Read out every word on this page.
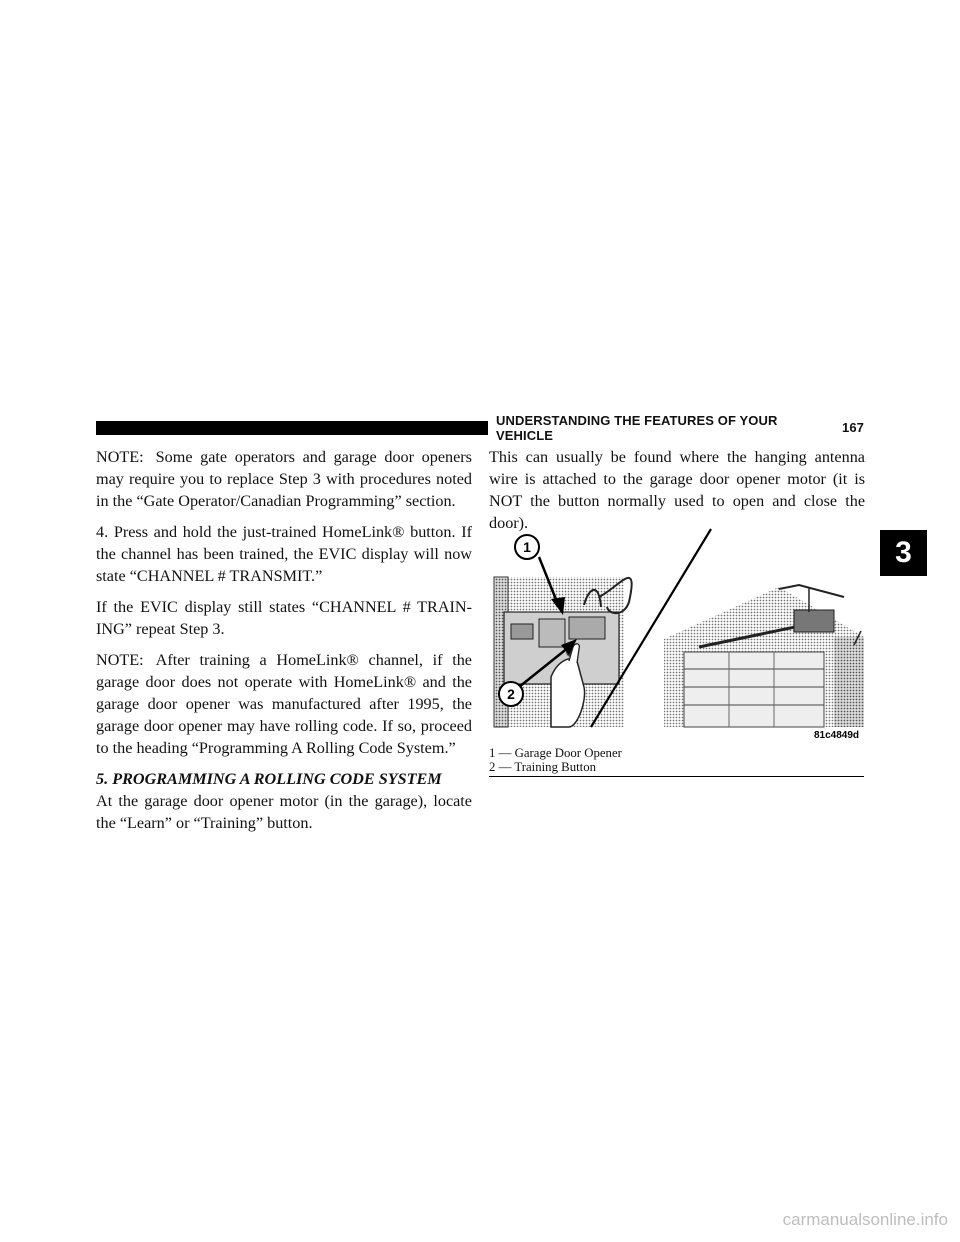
UNDERSTANDING THE FEATURES OF YOUR VEHICLE	167

NOTE: Some gate operators and garage door openers may require you to replace Step 3 with procedures noted in the “Gate Operator/Canadian Programming” section.

4. Press and hold the just-trained HomeLink® button. If the channel has been trained, the EVIC display will now state “CHANNEL # TRANSMIT.”

If the EVIC display still states “CHANNEL # TRAIN-ING” repeat Step 3.

NOTE: After training a HomeLink® channel, if the garage door does not operate with HomeLink® and the garage door opener was manufactured after 1995, the garage door opener may have rolling code. If so, proceed to the heading “Programming A Rolling Code System.”

5. PROGRAMMING A ROLLING CODE SYSTEM

At the garage door opener motor (in the garage), locate the “Learn” or “Training” button.

This can usually be found where the hanging antenna wire is attached to the garage door opener motor (it is NOT the button normally used to open and close the door).

1
2
81c4849d
1 — Garage Door Opener
2 — Training Button
3
carmanualsonline.info
